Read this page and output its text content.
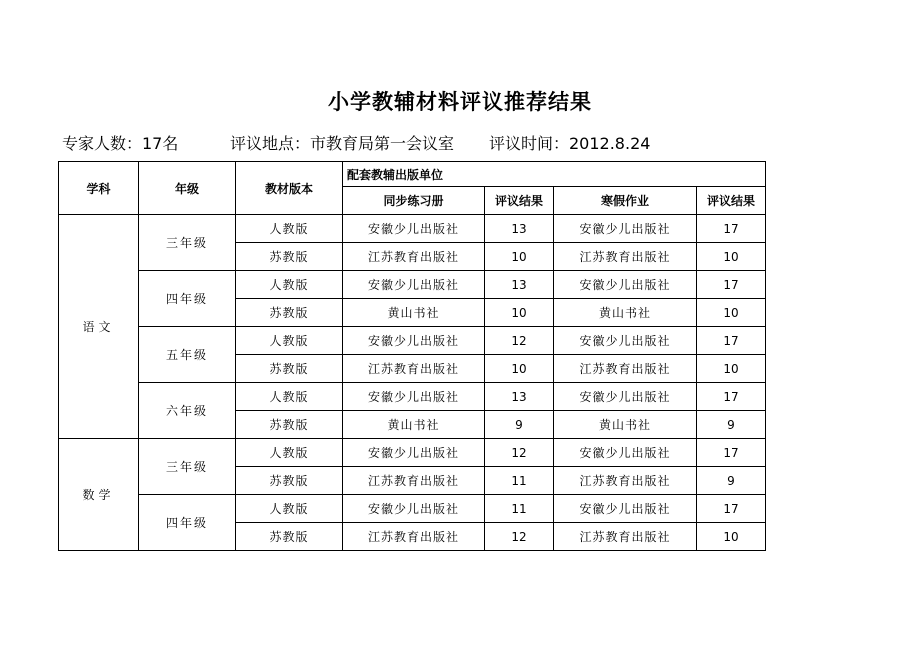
小学教辅材料评议推荐结果
专家人数：17名	评议地点：市教育局第一会议室 评议时间：2012.8.24
学科	年级	教材版本	配套教辅出版单位			
			同步练习册	评议结果	寒假作业	评议结果
语文	三年级	人教版	安徽少儿出版社	13	安徽少儿出版社	17
		苏教版	江苏教育出版社	10	江苏教育出版社	10
	四年级	人教版	安徽少儿出版社	13	安徽少儿出版社	17
		苏教版	黄山书社	10	黄山书社	10
	五年级	人教版	安徽少儿出版社	12	安徽少儿出版社	17
		苏教版	江苏教育出版社	10	江苏教育出版社	10
	六年级	人教版	安徽少儿出版社	13	安徽少儿出版社	17
		苏教版	黄山书社	9	黄山书社	9
数学	三年级	人教版	安徽少儿出版社	12	安徽少儿出版社	17
		苏教版	江苏教育出版社	11	江苏教育出版社	9
	四年级	人教版	安徽少儿出版社	11	安徽少儿出版社	17
		苏教版	江苏教育出版社	12	江苏教育出版社	10
